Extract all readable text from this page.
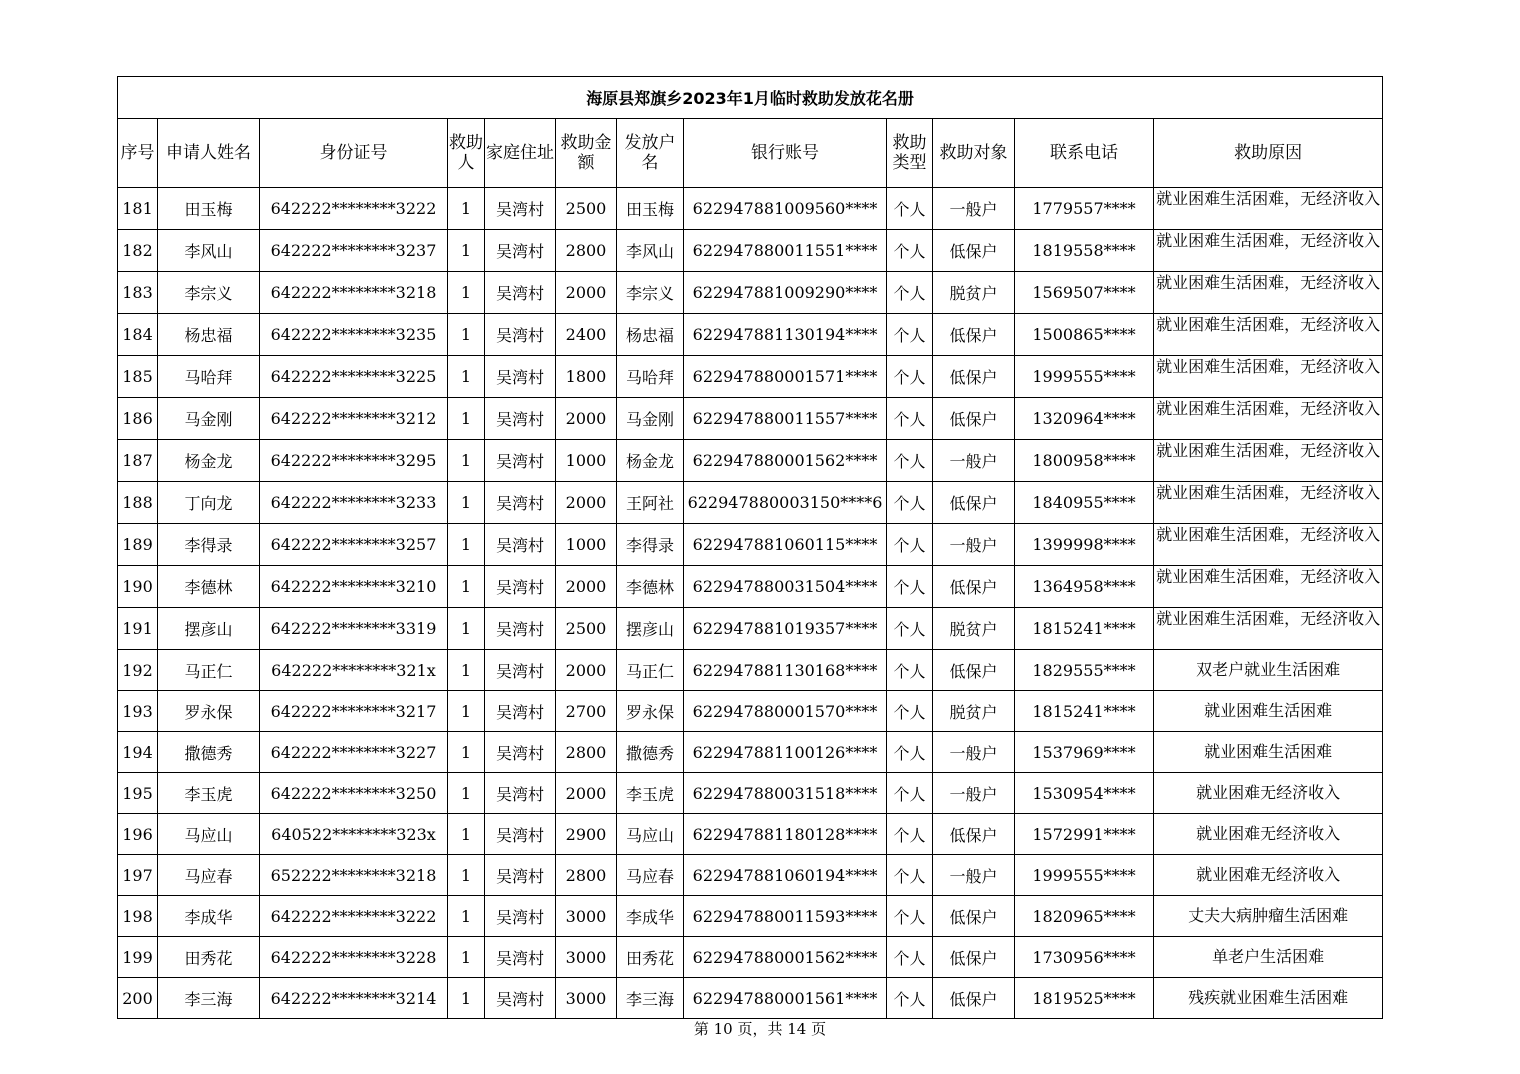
海原县郑旗乡2023年1月临时救助发放花名册											
序号	申请人姓名	身份证号	救助人	家庭住址	救助金额	发放户名	银行账号	救助类型	救助对象	联系电话	救助原因
181	田玉梅	642222********3222	1	吴湾村	2500	田玉梅	622947881009560****	个人	一般户	1779557****	就业困难生活困难，无经济收入
182	李风山	642222********3237	1	吴湾村	2800	李风山	622947880011551****	个人	低保户	1819558****	就业困难生活困难，无经济收入
183	李宗义	642222********3218	1	吴湾村	2000	李宗义	622947881009290****	个人	脱贫户	1569507****	就业困难生活困难，无经济收入
184	杨忠福	642222********3235	1	吴湾村	2400	杨忠福	622947881130194****	个人	低保户	1500865****	就业困难生活困难，无经济收入
185	马哈拜	642222********3225	1	吴湾村	1800	马哈拜	622947880001571****	个人	低保户	1999555****	就业困难生活困难，无经济收入
186	马金刚	642222********3212	1	吴湾村	2000	马金刚	622947880011557****	个人	低保户	1320964****	就业困难生活困难，无经济收入
187	杨金龙	642222********3295	1	吴湾村	1000	杨金龙	622947880001562****	个人	一般户	1800958****	就业困难生活困难，无经济收入
188	丁向龙	642222********3233	1	吴湾村	2000	王阿社	622947880003150****6	个人	低保户	1840955****	就业困难生活困难，无经济收入
189	李得录	642222********3257	1	吴湾村	1000	李得录	622947881060115****	个人	一般户	1399998****	就业困难生活困难，无经济收入
190	李德林	642222********3210	1	吴湾村	2000	李德林	622947880031504****	个人	低保户	1364958****	就业困难生活困难，无经济收入
191	摆彦山	642222********3319	1	吴湾村	2500	摆彦山	622947881019357****	个人	脱贫户	1815241****	就业困难生活困难，无经济收入
192	马正仁	642222********321x	1	吴湾村	2000	马正仁	622947881130168****	个人	低保户	1829555****	双老户就业生活困难
193	罗永保	642222********3217	1	吴湾村	2700	罗永保	622947880001570****	个人	脱贫户	1815241****	就业困难生活困难
194	撒德秀	642222********3227	1	吴湾村	2800	撒德秀	622947881100126****	个人	一般户	1537969****	就业困难生活困难
195	李玉虎	642222********3250	1	吴湾村	2000	李玉虎	622947880031518****	个人	一般户	1530954****	就业困难无经济收入
196	马应山	640522********323x	1	吴湾村	2900	马应山	622947881180128****	个人	低保户	1572991****	就业困难无经济收入
197	马应春	652222********3218	1	吴湾村	2800	马应春	622947881060194****	个人	一般户	1999555****	就业困难无经济收入
198	李成华	642222********3222	1	吴湾村	3000	李成华	622947880011593****	个人	低保户	1820965****	丈夫大病肿瘤生活困难
199	田秀花	642222********3228	1	吴湾村	3000	田秀花	622947880001562****	个人	低保户	1730956****	单老户生活困难
200	李三海	642222********3214	1	吴湾村	3000	李三海	622947880001561****	个人	低保户	1819525****	残疾就业困难生活困难
第 10 页，共 14 页
